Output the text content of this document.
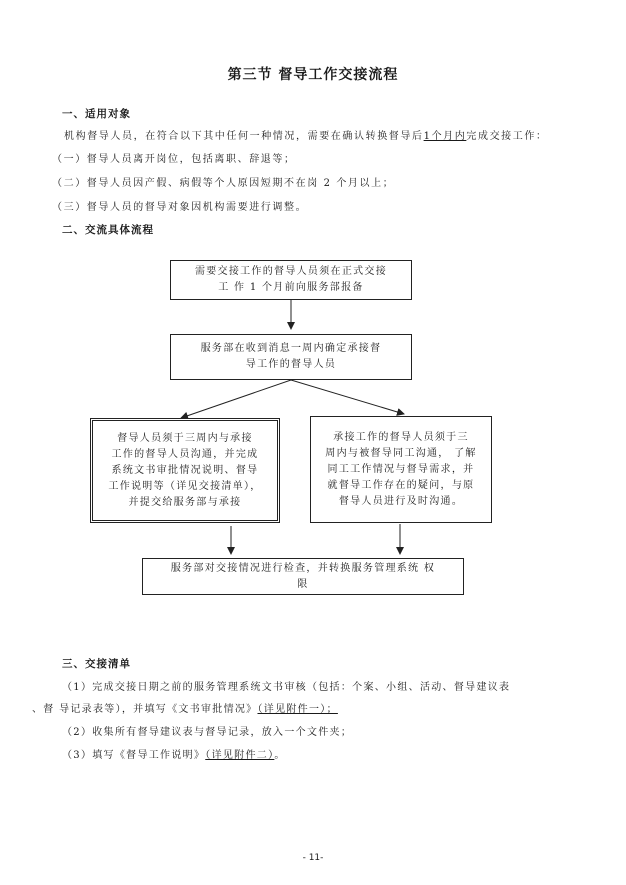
第三节 督导工作交接流程
一、适用对象
机构督导人员，在符合以下其中任何一种情况，需要在确认转换督导后1个月内完成交接工作：
（一）督导人员离开岗位，包括离职、辞退等；
（二）督导人员因产假、病假等个人原因短期不在岗 2 个月以上；
（三）督导人员的督导对象因机构需要进行调整。
二、交流具体流程
需要交接工作的督导人员须在正式交接
工 作 1 个月前向服务部报备
服务部在收到消息一周内确定承接督
导工作的督导人员
督导人员须于三周内与承接
工作的督导人员沟通，并完成
系统文书审批情况说明、督导
工作说明等（详见交接清单），
并提交给服务部与承接
承接工作的督导人员须于三
周内与被督导同工沟通， 了解
同工工作情况与督导需求，并
就督导工作存在的疑问，与原
督导人员进行及时沟通。
服务部对交接情况进行检查，并转换服务管理系统 权
限
三、交接清单
（1）完成交接日期之前的服务管理系统文书审核（包括：个案、小组、活动、督导建议表
、督 导记录表等），并填写《文书审批情况》（详见附件一）；
（2）收集所有督导建议表与督导记录，放入一个文件夹；
（3）填写《督导工作说明》（详见附件二）。
- 11-
